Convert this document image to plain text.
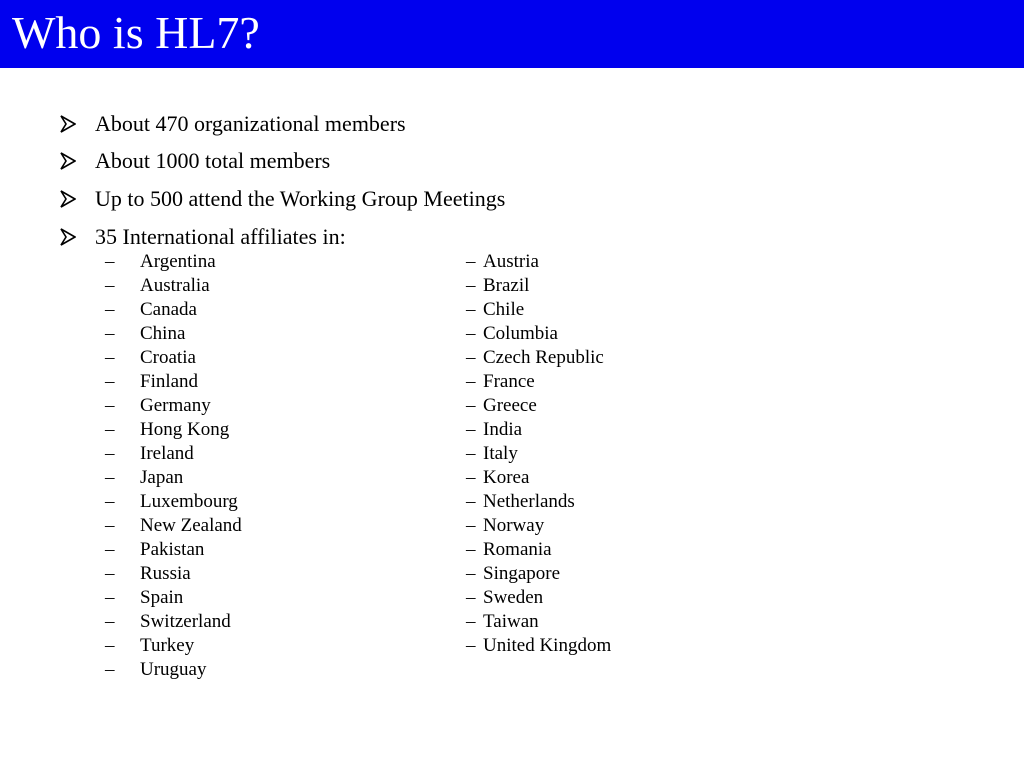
Who is HL7?
About 470 organizational members
About 1000 total members
Up to 500 attend the Working Group Meetings
35 International affiliates in:
– Argentina
– Australia
– Canada
– China
– Croatia
– Finland
– Germany
– Hong Kong
– Ireland
– Japan
– Luxembourg
– New Zealand
– Pakistan
– Russia
– Spain
– Switzerland
– Turkey
– Uruguay
– Austria
– Brazil
– Chile
– Columbia
– Czech Republic
– France
– Greece
– India
– Italy
– Korea
– Netherlands
– Norway
– Romania
– Singapore
– Sweden
– Taiwan
– United Kingdom
